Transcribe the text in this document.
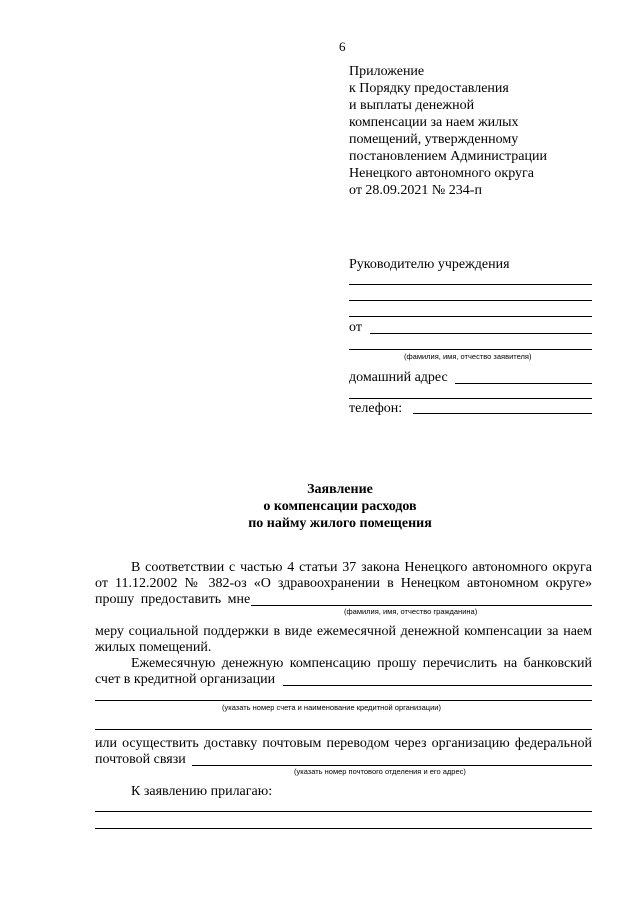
6
Приложение
к Порядку предоставления
и выплаты денежной
компенсации за наем жилых
помещений, утвержденному
постановлением Администрации
Ненецкого автономного округа
от 28.09.2021 № 234-п
Руководителю учреждения
от
(фамилия, имя, отчество заявителя)
домашний адрес
телефон:
Заявление
о компенсации расходов
по найму жилого помещения
В соответствии с частью 4 статьи 37 закона Ненецкого автономного округа
от 11.12.2002 № 382-оз «О здравоохранении в Ненецком автономном округе»
прошу предоставить мне
(фамилия, имя, отчество гражданина)
меру социальной поддержки в виде ежемесячной денежной компенсации за наем
жилых помещений.
Ежемесячную денежную компенсацию прошу перечислить на банковский
счет в кредитной организации
(указать номер счета и наименование кредитной организации)
или осуществить доставку почтовым переводом через организацию федеральной
почтовой связи
(указать номер почтового отделения и его адрес)
К заявлению прилагаю:
